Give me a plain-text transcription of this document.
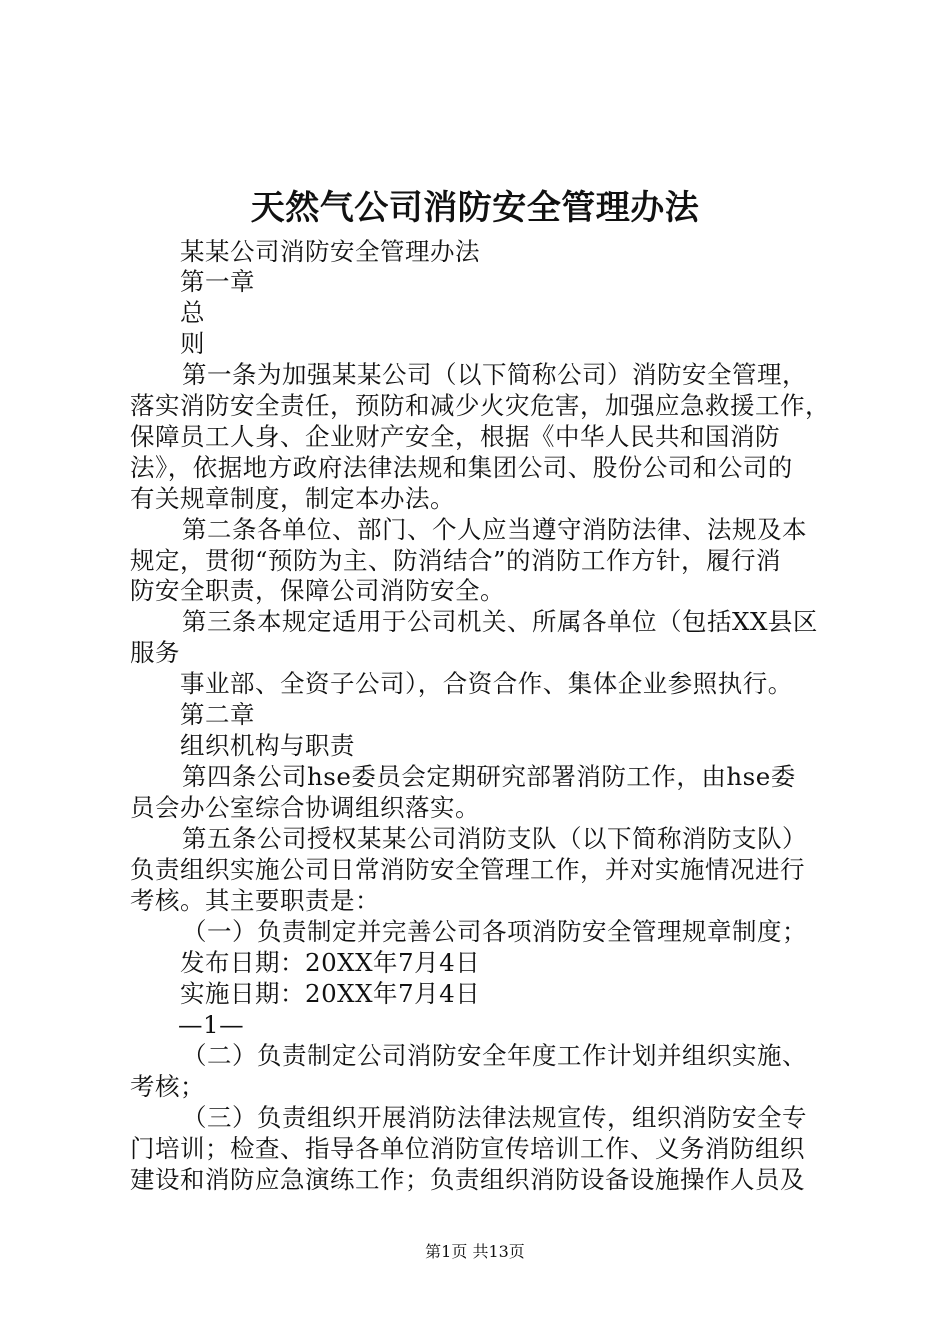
天然气公司消防安全管理办法
某某公司消防安全管理办法
第一章
总
则
第一条为加强某某公司（以下简称公司）消防安全管理，
落实消防安全责任，预防和减少火灾危害，加强应急救援工作，
保障员工人身、企业财产安全，根据《中华人民共和国消防
法》，依据地方政府法律法规和集团公司、股份公司和公司的
有关规章制度，制定本办法。
第二条各单位、部门、个人应当遵守消防法律、法规及本
规定，贯彻“预防为主、防消结合”的消防工作方针，履行消
防安全职责，保障公司消防安全。
第三条本规定适用于公司机关、所属各单位（包括XX县区
服务
事业部、全资子公司），合资合作、集体企业参照执行。
第二章
组织机构与职责
第四条公司hse委员会定期研究部署消防工作，由hse委
员会办公室综合协调组织落实。
第五条公司授权某某公司消防支队（以下简称消防支队）
负责组织实施公司日常消防安全管理工作，并对实施情况进行
考核。其主要职责是：
（一）负责制定并完善公司各项消防安全管理规章制度；
发布日期：20XX年7月4日
实施日期：20XX年7月4日
—1—
（二）负责制定公司消防安全年度工作计划并组织实施、
考核；
（三）负责组织开展消防法律法规宣传，组织消防安全专
门培训；检查、指导各单位消防宣传培训工作、义务消防组织
建设和消防应急演练工作；负责组织消防设备设施操作人员及
第1页 共13页
